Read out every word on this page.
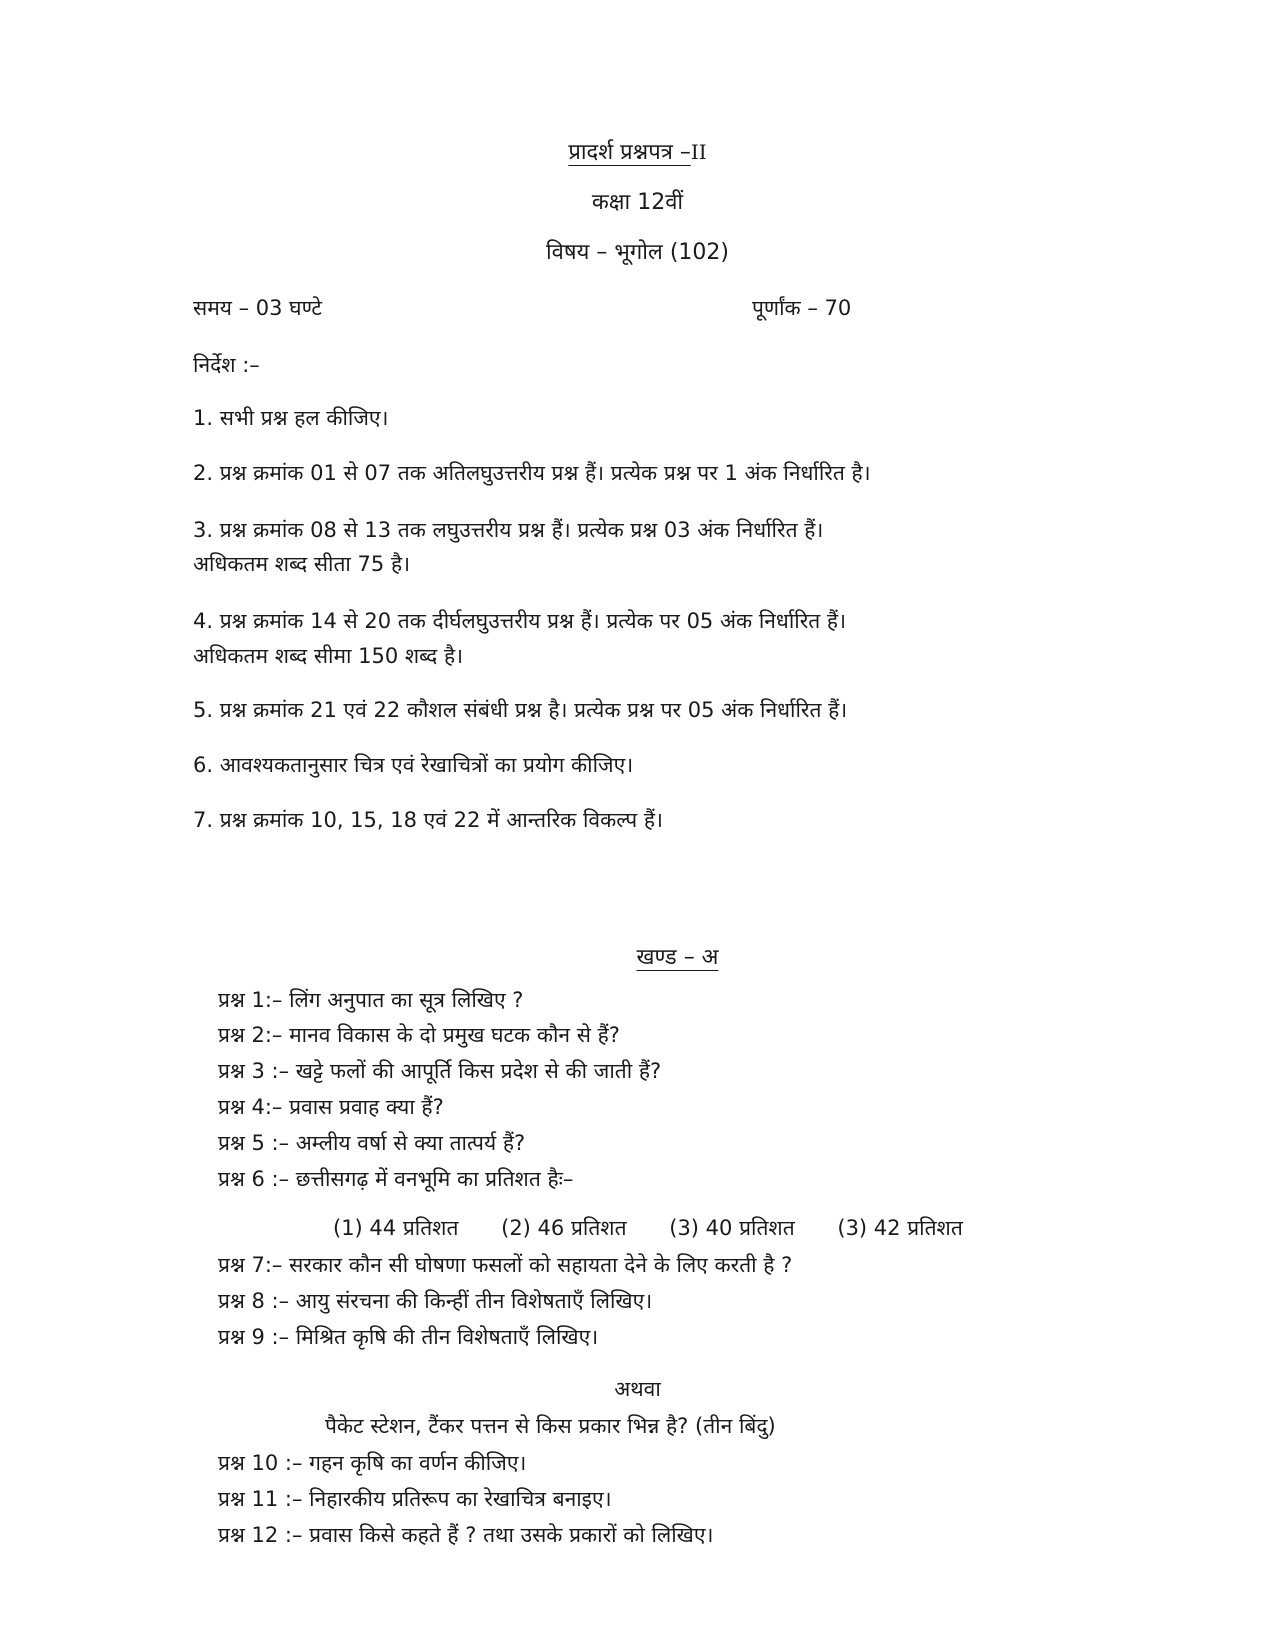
प्रादर्श प्रश्नपत्र –II
कक्षा 12वीं
विषय – भूगोल (102)
समय – 03 घण्टे	पूर्णांक – 70
निर्देश :–
1. सभी प्रश्न हल कीजिए।
2. प्रश्न क्रमांक 01 से 07 तक अतिलघुउत्तरीय प्रश्न हैं। प्रत्येक प्रश्न पर 1 अंक निर्धारित है।
3. प्रश्न क्रमांक 08 से 13 तक लघुउत्तरीय प्रश्न हैं। प्रत्येक प्रश्न 03 अंक निर्धारित हैं।
अधिकतम शब्द सीता 75 है।
4. प्रश्न क्रमांक 14 से 20 तक दीर्घलघुउत्तरीय प्रश्न हैं। प्रत्येक पर 05 अंक निर्धारित हैं।
अधिकतम शब्द सीमा 150 शब्द है।
5. प्रश्न क्रमांक 21 एवं 22 कौशल संबंधी प्रश्न है। प्रत्येक प्रश्न पर 05 अंक निर्धारित हैं।
6. आवश्यकतानुसार चित्र एवं रेखाचित्रों का प्रयोग कीजिए।
7. प्रश्न क्रमांक 10, 15, 18 एवं 22 में आन्तरिक विकल्प हैं।
खण्ड – अ
प्रश्न 1:– लिंग अनुपात का सूत्र लिखिए ?
प्रश्न 2:– मानव विकास के दो प्रमुख घटक कौन से हैं?
प्रश्न 3 :– खट्टे फलों की आपूर्ति किस प्रदेश से की जाती हैं?
प्रश्न 4:– प्रवास प्रवाह क्या हैं?
प्रश्न 5 :– अम्लीय वर्षा से क्या तात्पर्य हैं?
प्रश्न 6 :– छत्तीसगढ़ में वनभूमि का प्रतिशत हैः–
(1) 44 प्रतिशत (2) 46 प्रतिशत (3) 40 प्रतिशत (3) 42 प्रतिशत
प्रश्न 7:– सरकार कौन सी घोषणा फसलों को सहायता देने के लिए करती है ?
प्रश्न 8 :– आयु संरचना की किन्हीं तीन विशेषताएँ लिखिए।
प्रश्न 9 :– मिश्रित कृषि की तीन विशेषताएँ लिखिए।
अथवा
पैकेट स्टेशन, टैंकर पत्तन से किस प्रकार भिन्न है? (तीन बिंदु)
प्रश्न 10 :– गहन कृषि का वर्णन कीजिए।
प्रश्न 11 :– निहारकीय प्रतिरूप का रेखाचित्र बनाइए।
प्रश्न 12 :– प्रवास किसे कहते हैं ? तथा उसके प्रकारों को लिखिए।
